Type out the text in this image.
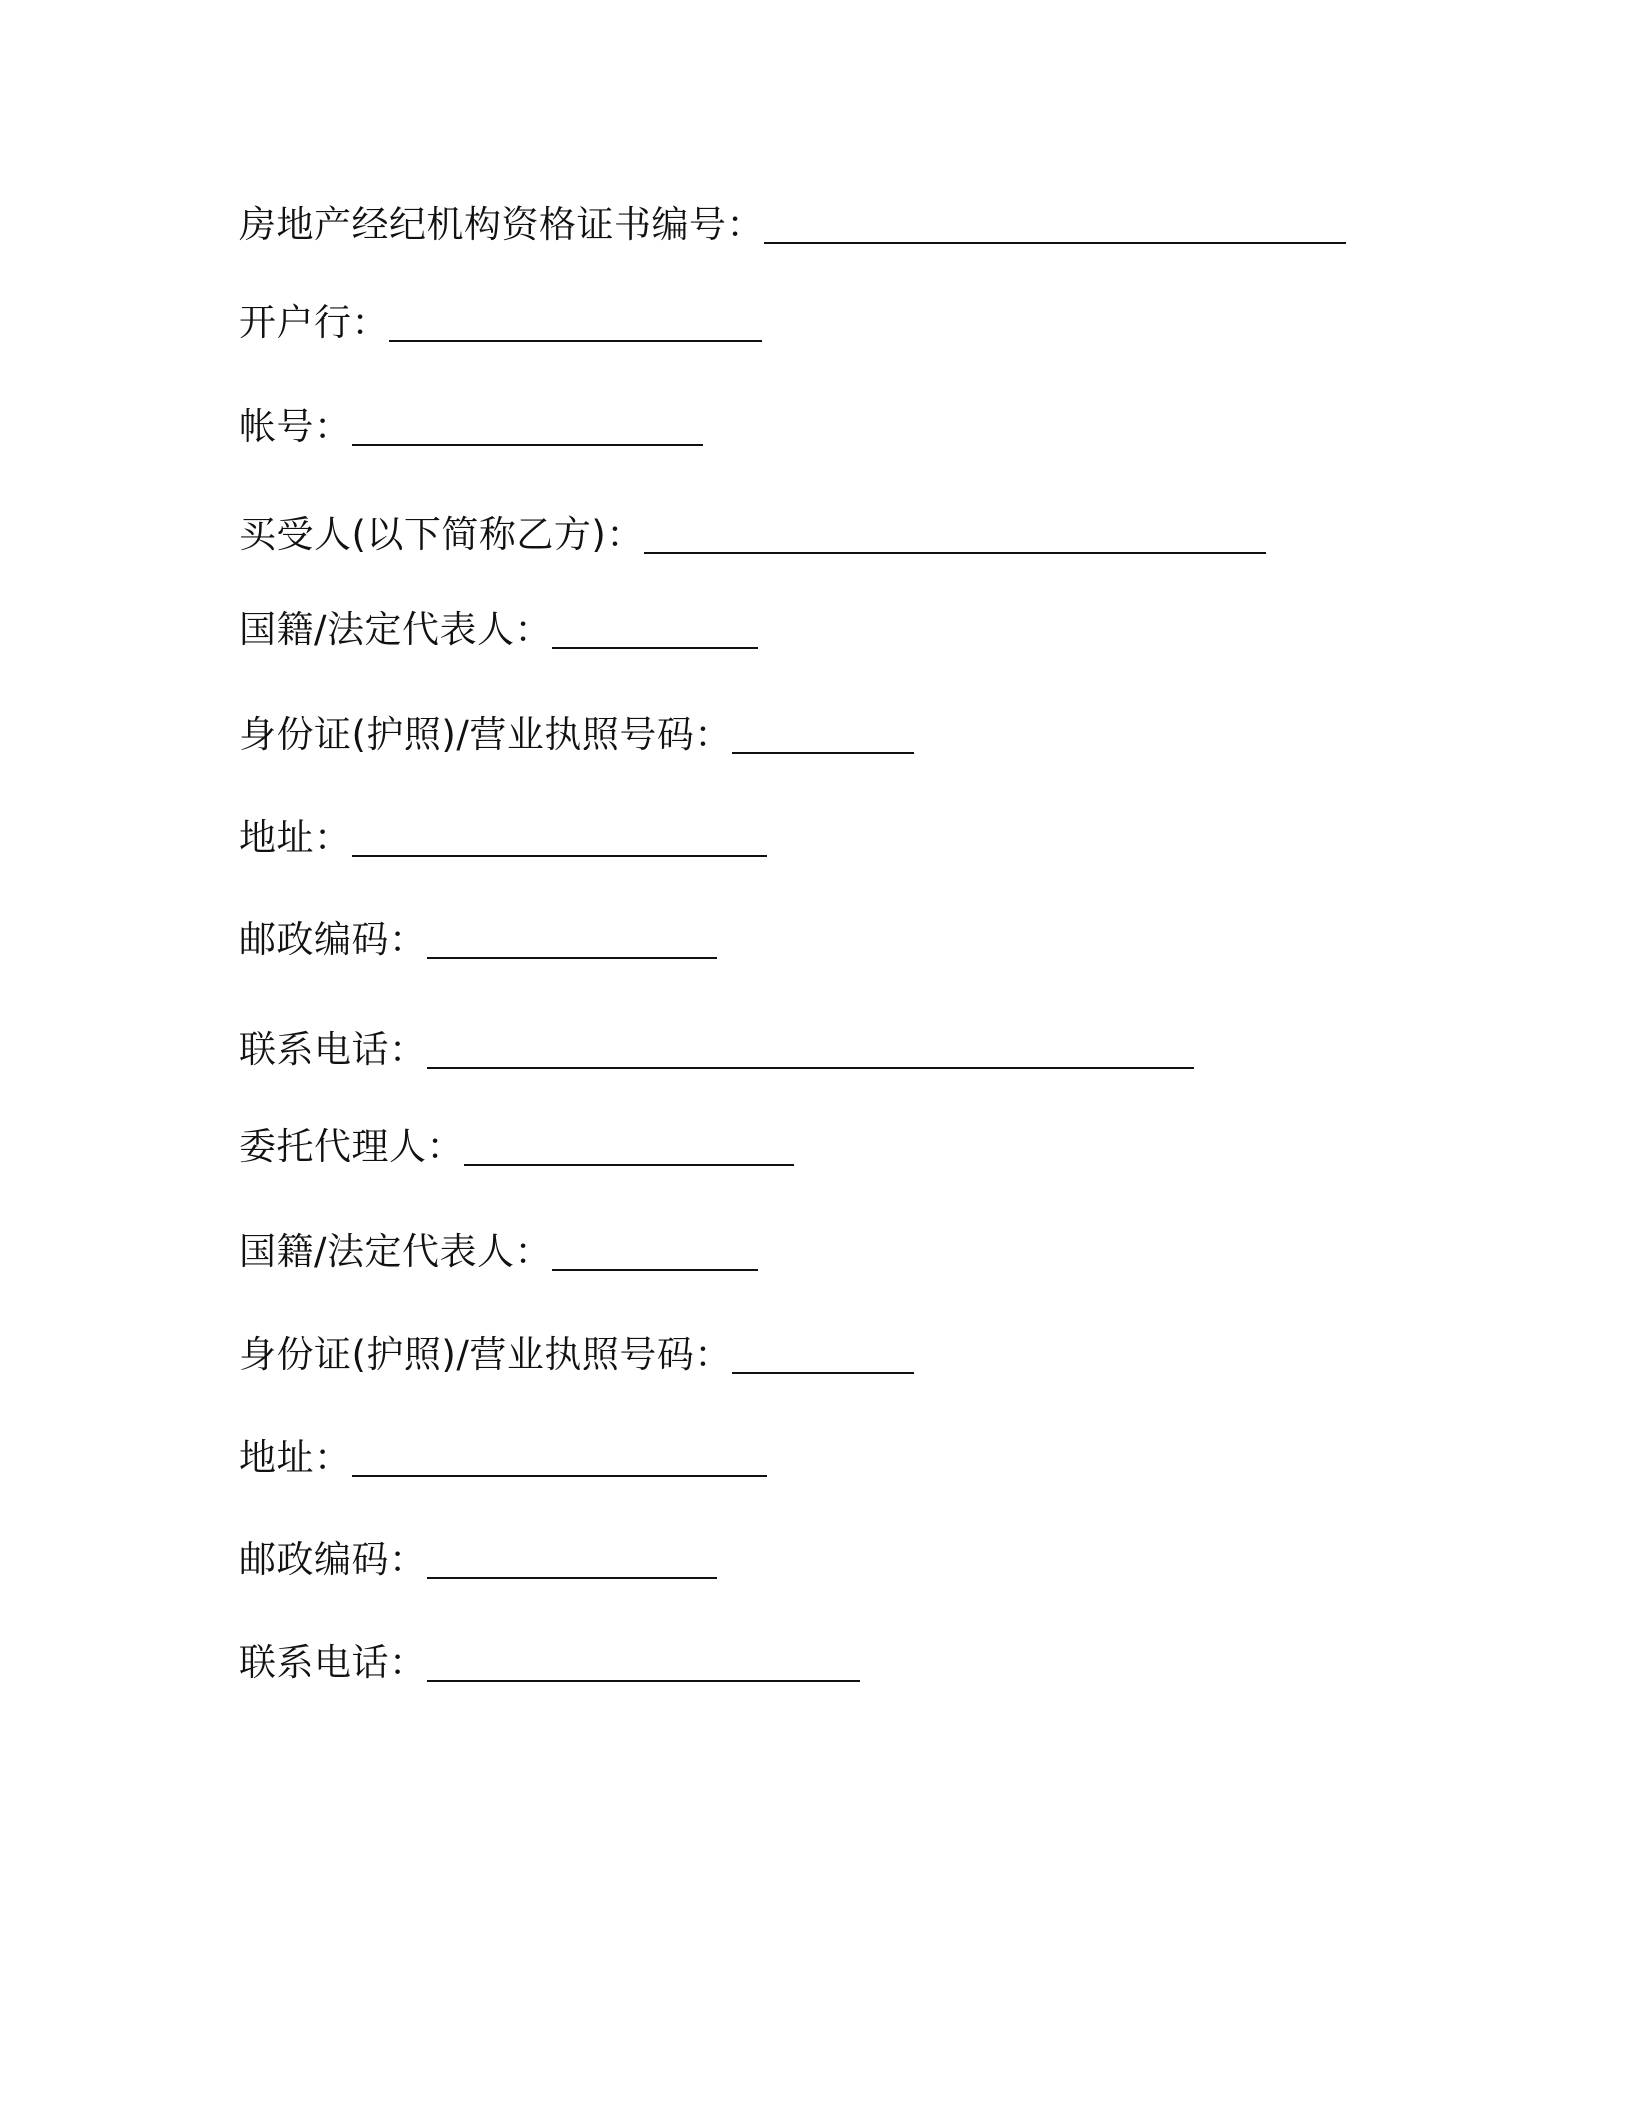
房地产经纪机构资格证书编号：
开户行：
帐号：
买受人(以下简称乙方)：
国籍/法定代表人：
身份证(护照)/营业执照号码：
地址：
邮政编码：
联系电话：
委托代理人：
国籍/法定代表人：
身份证(护照)/营业执照号码：
地址：
邮政编码：
联系电话：
